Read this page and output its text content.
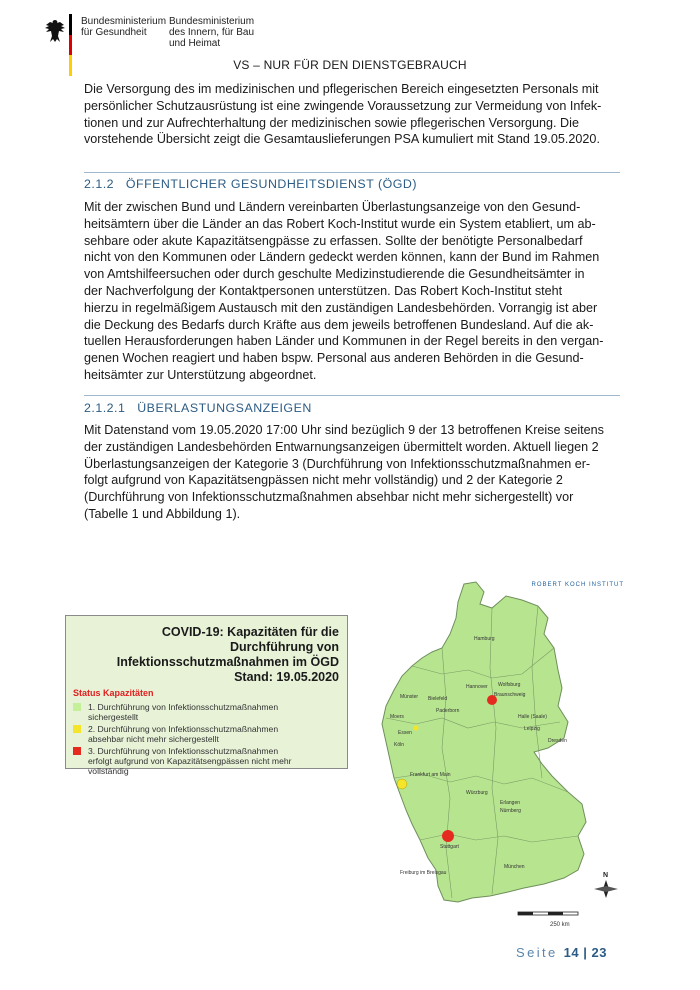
Bundesministerium
für Gesundheit
Bundesministerium
des Innern, für Bau
und Heimat
VS – NUR FÜR DEN DIENSTGEBRAUCH

Die Versorgung des im medizinischen und pflegerischen Bereich eingesetzten Personals mit

persönlicher Schutzausrüstung ist eine zwingende Voraussetzung zur Vermeidung von Infek-

tionen und zur Aufrechterhaltung der medizinischen sowie pflegerischen Versorgung. Die

vorstehende Übersicht zeigt die Gesamtauslieferungen PSA kumuliert mit Stand 19.05.2020.

2.1.2 ÖFFENTLICHER GESUNDHEITSDIENST (ÖGD)

Mit der zwischen Bund und Ländern vereinbarten Überlastungsanzeige von den Gesund-

heitsämtern über die Länder an das Robert Koch-Institut wurde ein System etabliert, um ab-

sehbare oder akute Kapazitätsengpässe zu erfassen. Sollte der benötigte Personalbedarf

nicht von den Kommunen oder Ländern gedeckt werden können, kann der Bund im Rahmen

von Amtshilfeersuchen oder durch geschulte Medizinstudierende die Gesundheitsämter in

der Nachverfolgung der Kontaktpersonen unterstützen. Das Robert Koch-Institut steht

hierzu in regelmäßigem Austausch mit den zuständigen Landesbehörden. Vorrangig ist aber

die Deckung des Bedarfs durch Kräfte aus dem jeweils betroffenen Bundesland. Auf die ak-

tuellen Herausforderungen haben Länder und Kommunen in der Regel bereits in den vergan-

genen Wochen reagiert und haben bspw. Personal aus anderen Behörden in die Gesund-

heitsämter zur Unterstützung abgeordnet.

2.1.2.1 ÜBERLASTUNGSANZEIGEN

Mit Datenstand vom 19.05.2020 17:00 Uhr sind bezüglich 9 der 13 betroffenen Kreise seitens

der zuständigen Landesbehörden Entwarnungsanzeigen übermittelt worden. Aktuell liegen 2

Überlastungsanzeigen der Kategorie 3 (Durchführung von Infektionsschutzmaßnahmen er-

folgt aufgrund von Kapazitätsengpässen nicht mehr vollständig) und 2 der Kategorie 2

(Durchführung von Infektionsschutzmaßnahmen absehbar nicht mehr sichergestellt) vor

(Tabelle 1 und Abbildung 1).

COVID-19: Kapazitäten für die
Durchführung von
Infektionsschutzmaßnahmen im ÖGD
Stand: 19.05.2020
Status Kapazitäten
1. Durchführung von Infektionsschutzmaßnahmen
sichergestellt
2. Durchführung von Infektionsschutzmaßnahmen
absehbar nicht mehr sichergestellt
3. Durchführung von Infektionsschutzmaßnahmen
erfolgt aufgrund von Kapazitätsengpässen nicht mehr
vollständig
ROBERT KOCH INSTITUT
Hamburg
Hannover Wolfsburg
Braunschweig
Bielefeld
Paderborn
Moers
Münster
Köln
Essen
Halle (Saale)
Leipzig
Dresden
Frankfurt am Main
Würzburg
Erlangen
Nürnberg
Stuttgart
München
Freiburg im Breisgau	N
250 km
Seite 14 | 23
